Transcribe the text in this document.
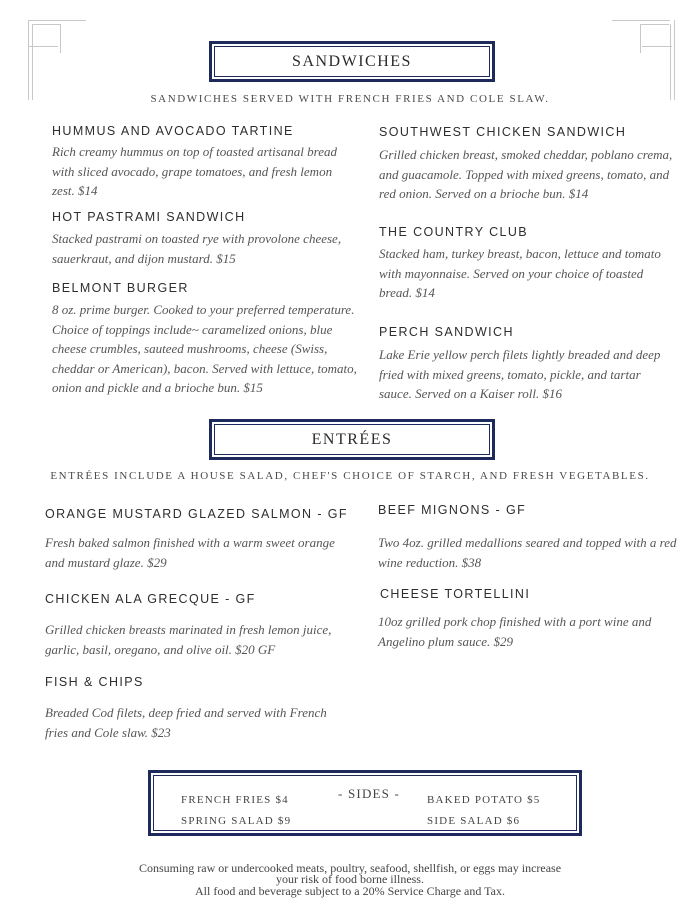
SANDWICHES
SANDWICHES SERVED WITH FRENCH FRIES AND COLE SLAW.
HUMMUS AND AVOCADO TARTINE
Rich creamy hummus on top of toasted artisanal bread with sliced avocado, grape tomatoes, and fresh lemon zest. $14
HOT PASTRAMI SANDWICH
Stacked pastrami on toasted rye with provolone cheese, sauerkraut, and dijon mustard. $15
BELMONT BURGER
8 oz. prime burger. Cooked to your preferred temperature. Choice of toppings include~ caramelized onions, blue cheese crumbles, sauteed mushrooms, cheese (Swiss, cheddar or American), bacon. Served with lettuce, tomato, onion and pickle and a brioche bun. $15
SOUTHWEST CHICKEN SANDWICH
Grilled chicken breast, smoked cheddar, poblano crema, and guacamole. Topped with mixed greens, tomato, and red onion. Served on a brioche bun. $14
THE COUNTRY CLUB
Stacked ham, turkey breast, bacon, lettuce and tomato with mayonnaise. Served on your choice of toasted bread. $14
PERCH SANDWICH
Lake Erie yellow perch filets lightly breaded and deep fried with mixed greens, tomato, pickle, and tartar sauce. Served on a Kaiser roll. $16
ENTRÉES
ENTRÉES INCLUDE A HOUSE SALAD, CHEF'S CHOICE OF STARCH, AND FRESH VEGETABLES.
ORANGE MUSTARD GLAZED SALMON - GF
Fresh baked salmon finished with a warm sweet orange and mustard glaze. $29
CHICKEN ALA GRECQUE - GF
Grilled chicken breasts marinated in fresh lemon juice, garlic, basil, oregano, and olive oil. $20 GF
FISH & CHIPS
Breaded Cod filets, deep fried and served with French fries and Cole slaw. $23
BEEF MIGNONS - GF
Two 4oz. grilled medallions seared and topped with a red wine reduction. $38
CHEESE TORTELLINI
10oz grilled pork chop finished with a port wine and Angelino plum sauce. $29
- SIDES -
FRENCH FRIES $4
SPRING SALAD $9
BAKED POTATO $5
SIDE SALAD $6
Consuming raw or undercooked meats, poultry, seafood, shellfish, or eggs may increase
your risk of food borne illness.
All food and beverage subject to a 20% Service Charge and Tax.
